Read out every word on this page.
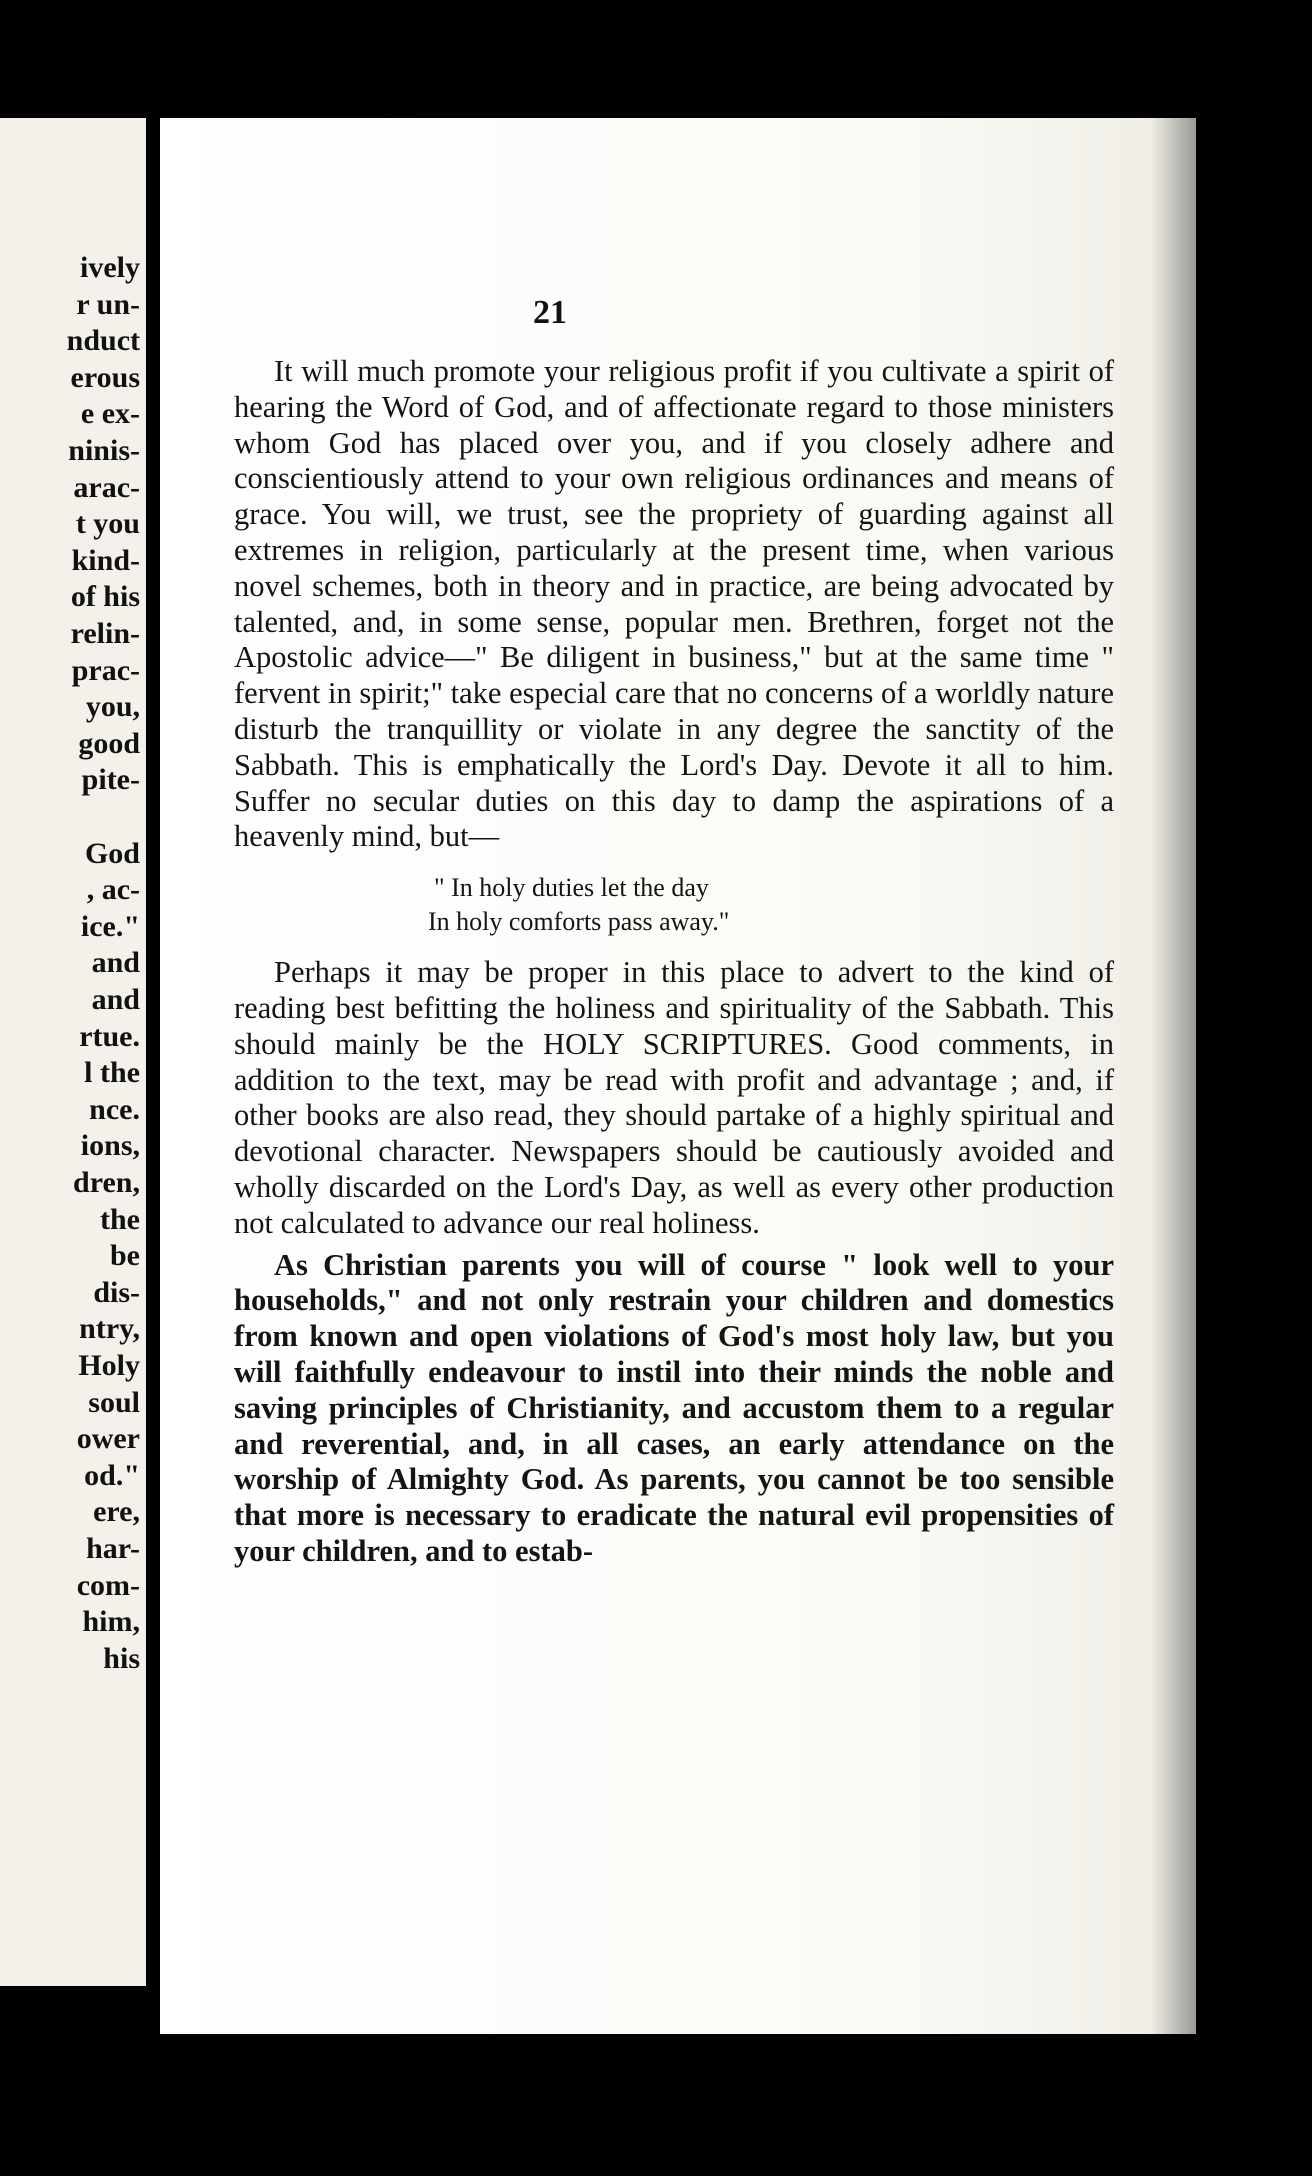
ively
r un-
nduct
erous
e ex-
ninis-
arac-
t you
kind-
of his
relin-
prac-
you,
good
pite-
God
, ac-
ice."
and
and
rtue.
l the
nce.
ions,
dren,
the
be
dis-
ntry,
Holy
soul
ower
od."
ere,
har-
com-
him,
his
21

It will much promote your religious profit if you cultivate a spirit of hearing the Word of God, and of affectionate regard to those ministers whom God has placed over you, and if you closely adhere and conscientiously attend to your own religious ordinances and means of grace. You will, we trust, see the propriety of guarding against all extremes in religion, particularly at the present time, when various novel schemes, both in theory and in practice, are being advocated by talented, and, in some sense, popular men. Brethren, forget not the Apostolic advice—" Be diligent in business," but at the same time " fervent in spirit;" take especial care that no concerns of a worldly nature disturb the tranquillity or violate in any degree the sanctity of the Sabbath. This is emphatically the Lord's Day. Devote it all to him. Suffer no secular duties on this day to damp the aspirations of a heavenly mind, but—

" In holy duties let the day
In holy comforts pass away."

Perhaps it may be proper in this place to advert to the kind of reading best befitting the holiness and spirituality of the Sabbath. This should mainly be the HOLY SCRIPTURES. Good comments, in addition to the text, may be read with profit and advantage ; and, if other books are also read, they should partake of a highly spiritual and devotional character. Newspapers should be cautiously avoided and wholly discarded on the Lord's Day, as well as every other production not calculated to advance our real holiness.

As Christian parents you will of course " look well to your households," and not only restrain your children and domestics from known and open violations of God's most holy law, but you will faithfully endeavour to instil into their minds the noble and saving principles of Christianity, and accustom them to a regular and reverential, and, in all cases, an early attendance on the worship of Almighty God. As parents, you cannot be too sensible that more is necessary to eradicate the natural evil propensities of your children, and to estab-
